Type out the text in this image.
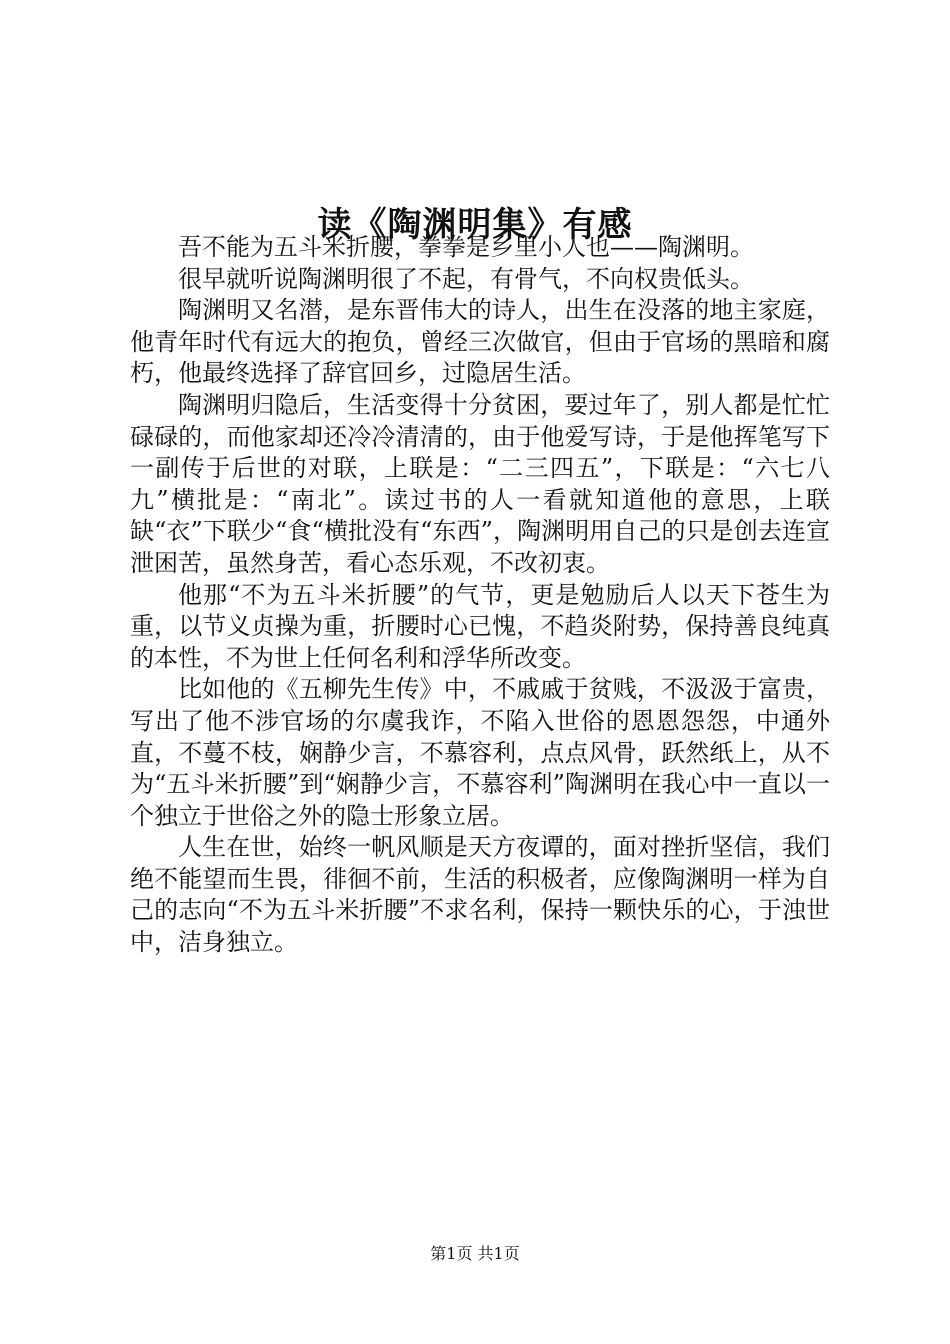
读《陶渊明集》有感

吾不能为五斗米折腰，拳拳是乡里小人也——陶渊明。

很早就听说陶渊明很了不起，有骨气，不向权贵低头。

陶渊明又名潜，是东晋伟大的诗人，出生在没落的地主家庭，他青年时代有远大的抱负，曾经三次做官，但由于官场的黑暗和腐朽，他最终选择了辞官回乡，过隐居生活。

陶渊明归隐后，生活变得十分贫困，要过年了，别人都是忙忙碌碌的，而他家却还冷冷清清的，由于他爱写诗，于是他挥笔写下一副传于后世的对联，上联是：“二三四五”，下联是：“六七八九”横批是：“南北”。读过书的人一看就知道他的意思，上联缺“衣”下联少“食“横批没有“东西”，陶渊明用自己的只是创去连宣泄困苦，虽然身苦，看心态乐观，不改初衷。

他那“不为五斗米折腰”的气节，更是勉励后人以天下苍生为重，以节义贞操为重，折腰时心已愧，不趋炎附势，保持善良纯真的本性，不为世上任何名利和浮华所改变。

比如他的《五柳先生传》中，不戚戚于贫贱，不汲汲于富贵，写出了他不涉官场的尔虞我诈，不陷入世俗的恩恩怨怨，中通外直，不蔓不枝，娴静少言，不慕容利，点点风骨，跃然纸上，从不为“五斗米折腰”到“娴静少言，不慕容利”陶渊明在我心中一直以一个独立于世俗之外的隐士形象立居。

人生在世，始终一帆风顺是天方夜谭的，面对挫折坚信，我们绝不能望而生畏，徘徊不前，生活的积极者，应像陶渊明一样为自己的志向“不为五斗米折腰”不求名利，保持一颗快乐的心，于浊世中，洁身独立。

第1页 共1页
